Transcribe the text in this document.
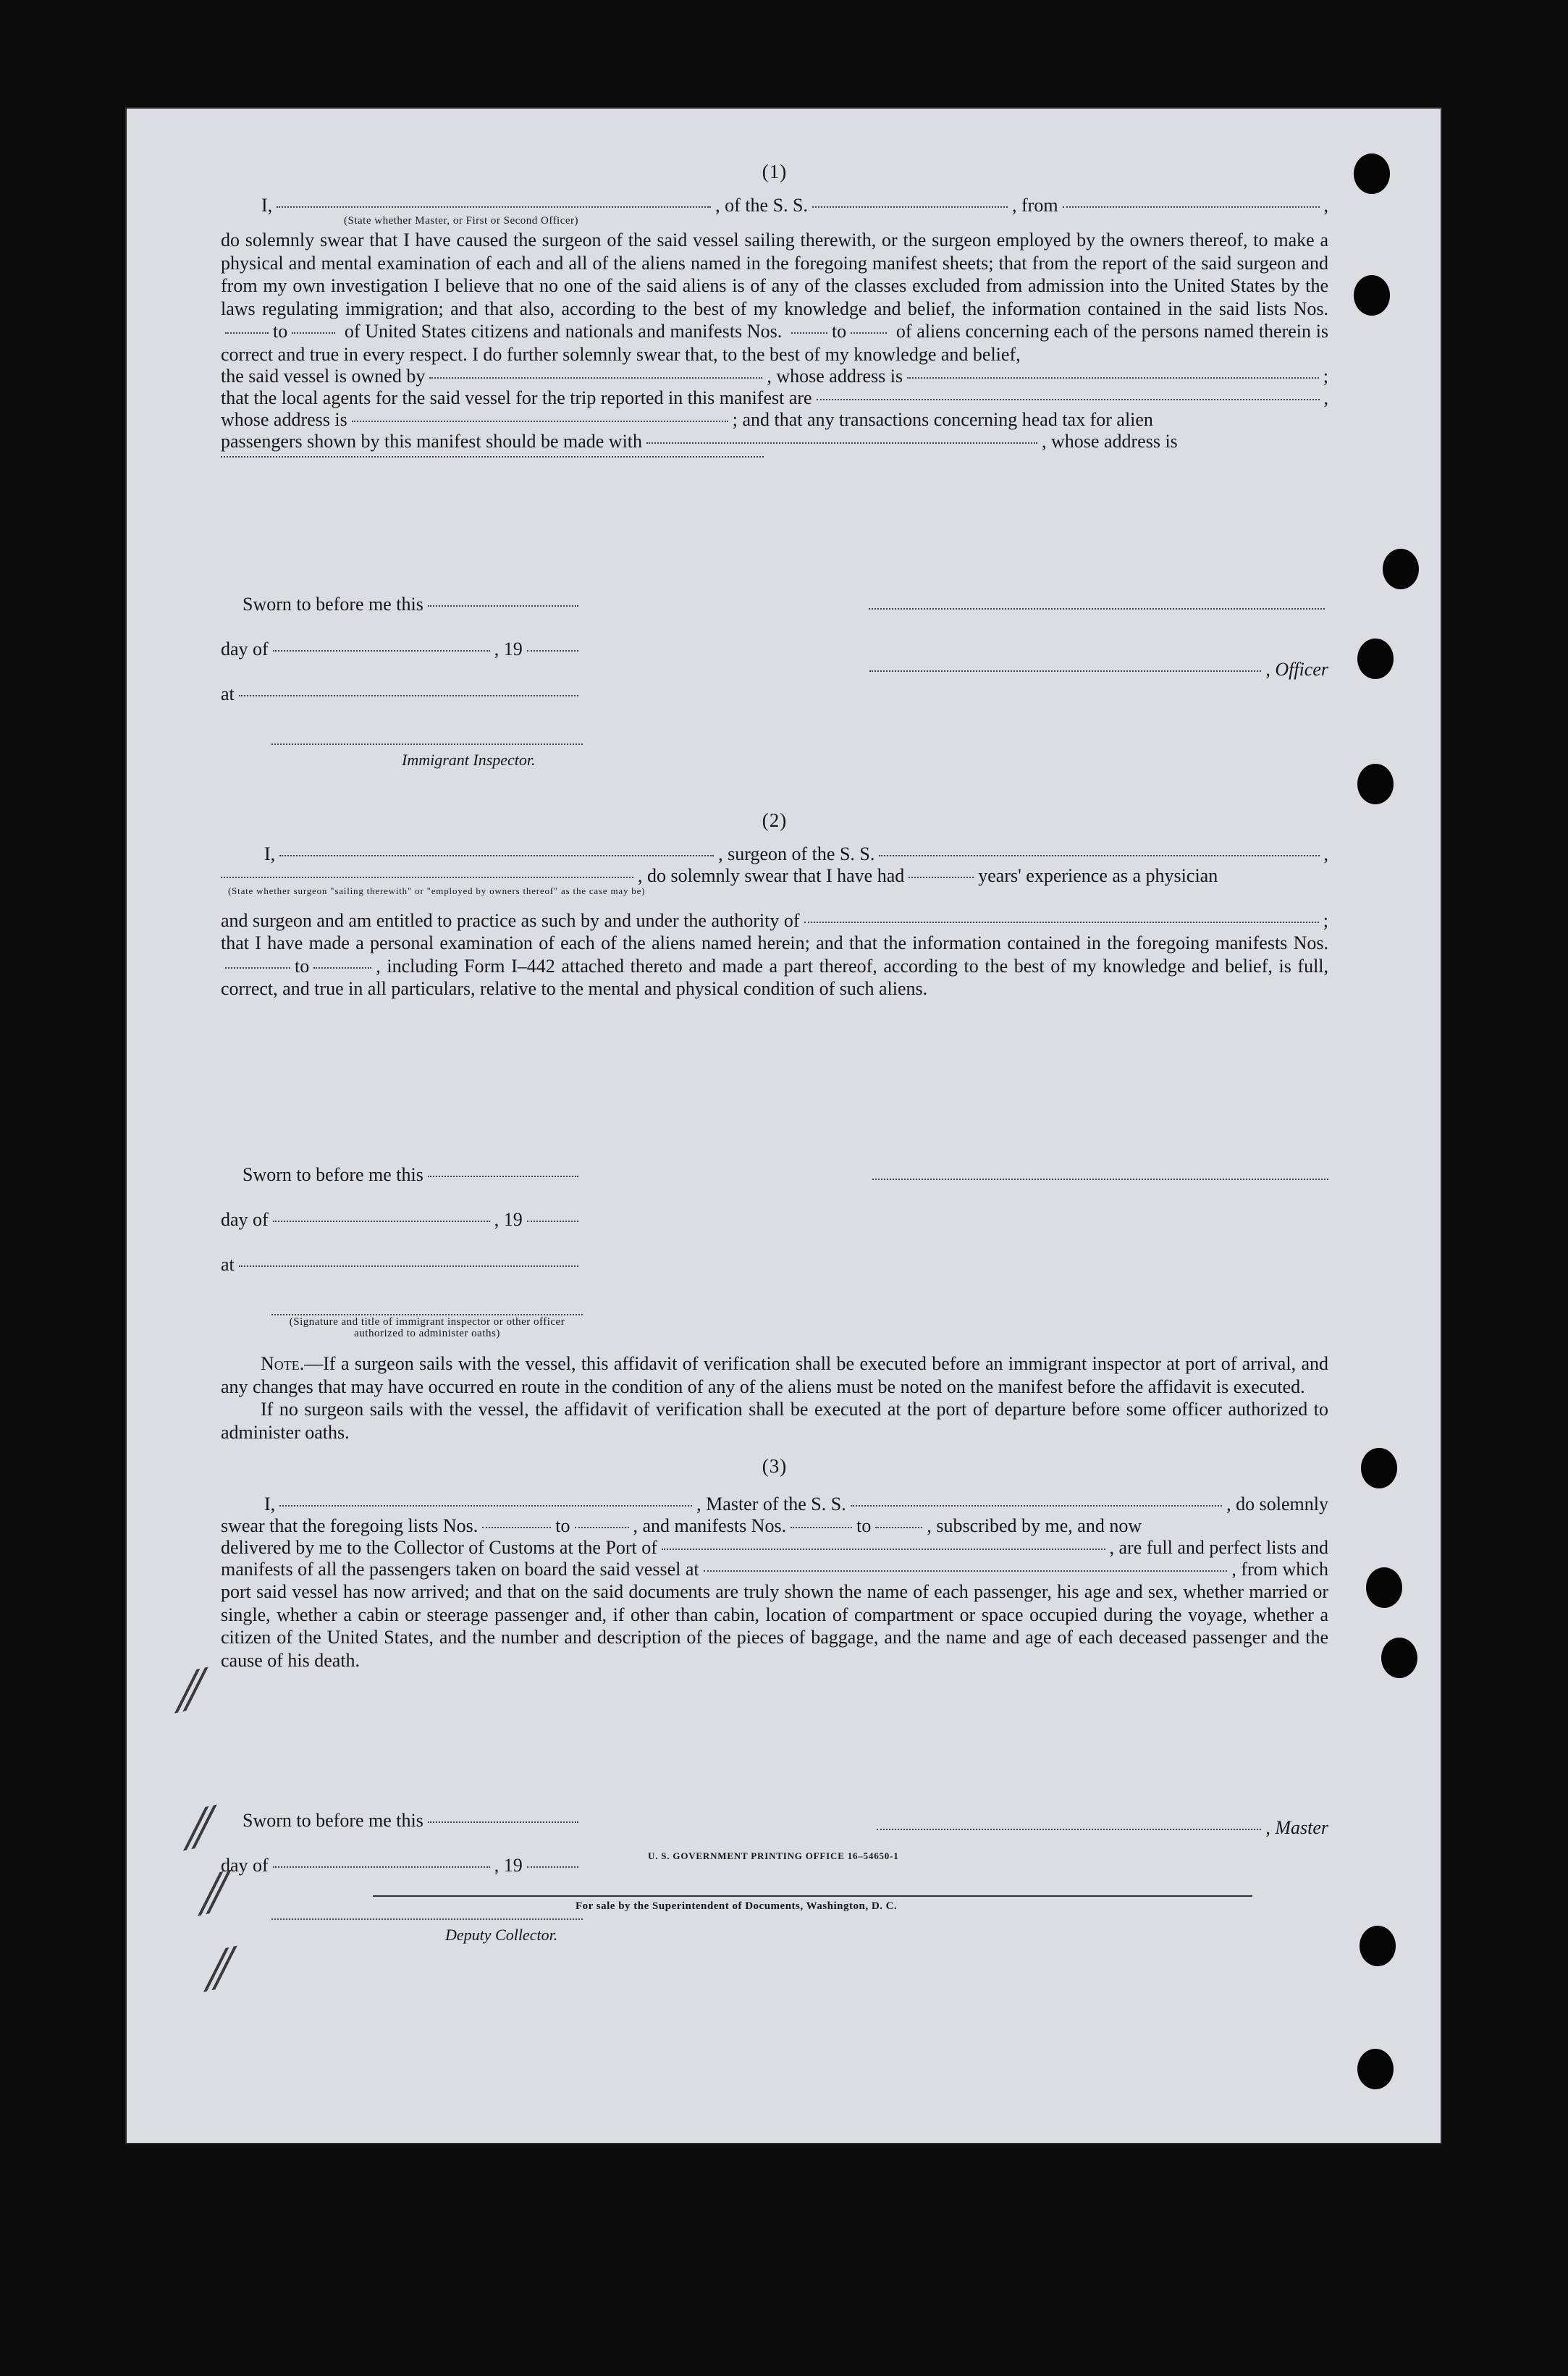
(1)
I,	, of the S. S.	, from	,
(State whether Master, or First or Second Officer)

do solemnly swear that I have caused the surgeon of the said vessel sailing therewith, or the surgeon employed by the owners thereof, to make a physical and mental examination of each and all of the aliens named in the foregoing manifest sheets; that from the report of the said surgeon and from my own investigation I believe that no one of the said aliens is of any of the classes excluded from admission into the United States by the laws regulating immigration; and that also, according to the best of my knowledge and belief, the information contained in the said lists Nos. to	of United States citizens and nationals and manifests Nos.	to	of aliens concerning each of the persons named therein is correct and true in every respect. I do further solemnly swear that, to the best of my knowledge and belief,

the said vessel is owned by	, whose address is	;
that the local agents for the said vessel for the trip reported in this manifest are	,
whose address is	; and that any transactions concerning head tax for alien
passengers shown by this manifest should be made with	, whose address is
Sworn to before me this
day of	, 19
at
Immigrant Inspector.
, Officer
(2)
I,	, surgeon of the S. S.	,
, do solemnly swear that I have had	years' experience as a physician
(State whether surgeon "sailing therewith" or "employed by owners thereof" as the case may be)
and surgeon and am entitled to practice as such by and under the authority of	;

that I have made a personal examination of each of the aliens named herein; and that the information contained in the foregoing manifests Nos. to	, including Form I–442 attached thereto and made a part thereof, according to the best of my knowledge and belief, is full, correct, and true in all particulars, relative to the mental and physical condition of such aliens.

Sworn to before me this
day of	, 19
at
(Signature and title of immigrant inspector or other officer authorized to administer oaths)

Note.—If a surgeon sails with the vessel, this affidavit of verification shall be executed before an immigrant inspector at port of arrival, and any changes that may have occurred en route in the condition of any of the aliens must be noted on the manifest before the affidavit is executed.

If no surgeon sails with the vessel, the affidavit of verification shall be executed at the port of departure before some officer authorized to administer oaths.

(3)
I,	, Master of the S. S.	, do solemnly
swear that the foregoing lists Nos.	to	, and manifests Nos.	to	, subscribed by me, and now
delivered by me to the Collector of Customs at the Port of	, are full and perfect lists and
manifests of all the passengers taken on board the said vessel at	, from which

port said vessel has now arrived; and that on the said documents are truly shown the name of each passenger, his age and sex, whether married or single, whether a cabin or steerage passenger and, if other than cabin, location of compartment or space occupied during the voyage, whether a citizen of the United States, and the number and description of the pieces of baggage, and the name and age of each deceased passenger and the cause of his death.

Sworn to before me this
day of	, 19
, Master
Deputy Collector.
U. S. GOVERNMENT PRINTING OFFICE 16–54650-1
For sale by the Superintendent of Documents, Washington, D. C.
⁄⁄
⁄⁄
⁄⁄
⁄⁄
